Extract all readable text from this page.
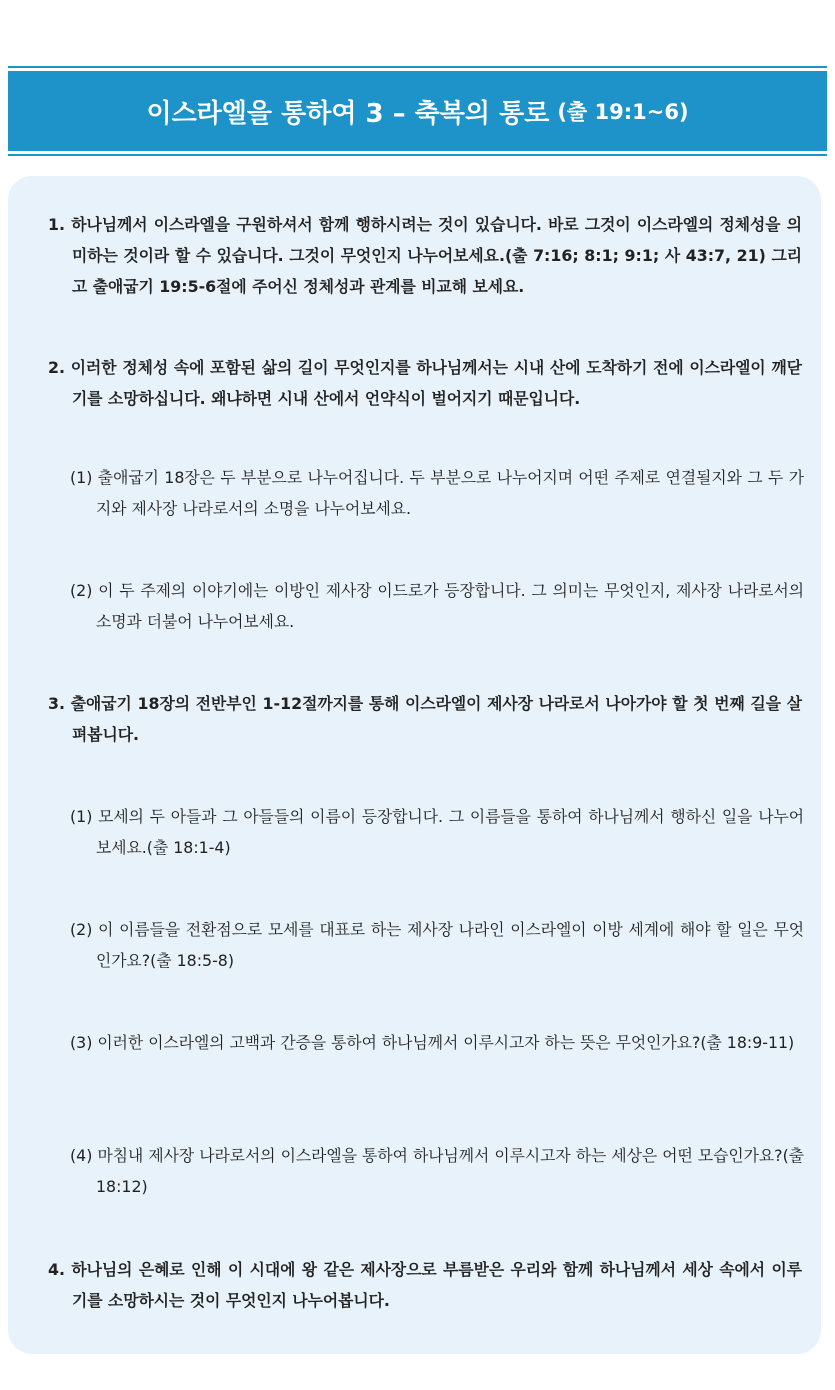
이스라엘을 통하여 3 – 축복의 통로 (출 19:1~6)

1. 하나님께서 이스라엘을 구원하셔서 함께 행하시려는 것이 있습니다. 바로 그것이 이스라엘의 정체성을 의미하는 것이라 할 수 있습니다. 그것이 무엇인지 나누어보세요.(출 7:16; 8:1; 9:1; 사 43:7, 21) 그리고 출애굽기 19:5-6절에 주어신 정체성과 관계를 비교해 보세요.

2. 이러한 정체성 속에 포함된 삶의 길이 무엇인지를 하나님께서는 시내 산에 도착하기 전에 이스라엘이 깨닫기를 소망하십니다. 왜냐하면 시내 산에서 언약식이 벌어지기 때문입니다.

(1) 출애굽기 18장은 두 부분으로 나누어집니다. 두 부분으로 나누어지며 어떤 주제로 연결될지와 그 두 가지와 제사장 나라로서의 소명을 나누어보세요.

(2) 이 두 주제의 이야기에는 이방인 제사장 이드로가 등장합니다. 그 의미는 무엇인지, 제사장 나라로서의 소명과 더불어 나누어보세요.

3. 출애굽기 18장의 전반부인 1-12절까지를 통해 이스라엘이 제사장 나라로서 나아가야 할 첫 번째 길을 살펴봅니다.

(1) 모세의 두 아들과 그 아들들의 이름이 등장합니다. 그 이름들을 통하여 하나님께서 행하신 일을 나누어보세요.(출 18:1-4)

(2) 이 이름들을 전환점으로 모세를 대표로 하는 제사장 나라인 이스라엘이 이방 세계에 해야 할 일은 무엇인가요?(출 18:5-8)

(3) 이러한 이스라엘의 고백과 간증을 통하여 하나님께서 이루시고자 하는 뜻은 무엇인가요?(출 18:9-11)

(4) 마침내 제사장 나라로서의 이스라엘을 통하여 하나님께서 이루시고자 하는 세상은 어떤 모습인가요?(출 18:12)

4. 하나님의 은혜로 인해 이 시대에 왕 같은 제사장으로 부름받은 우리와 함께 하나님께서 세상 속에서 이루기를 소망하시는 것이 무엇인지 나누어봅니다.
